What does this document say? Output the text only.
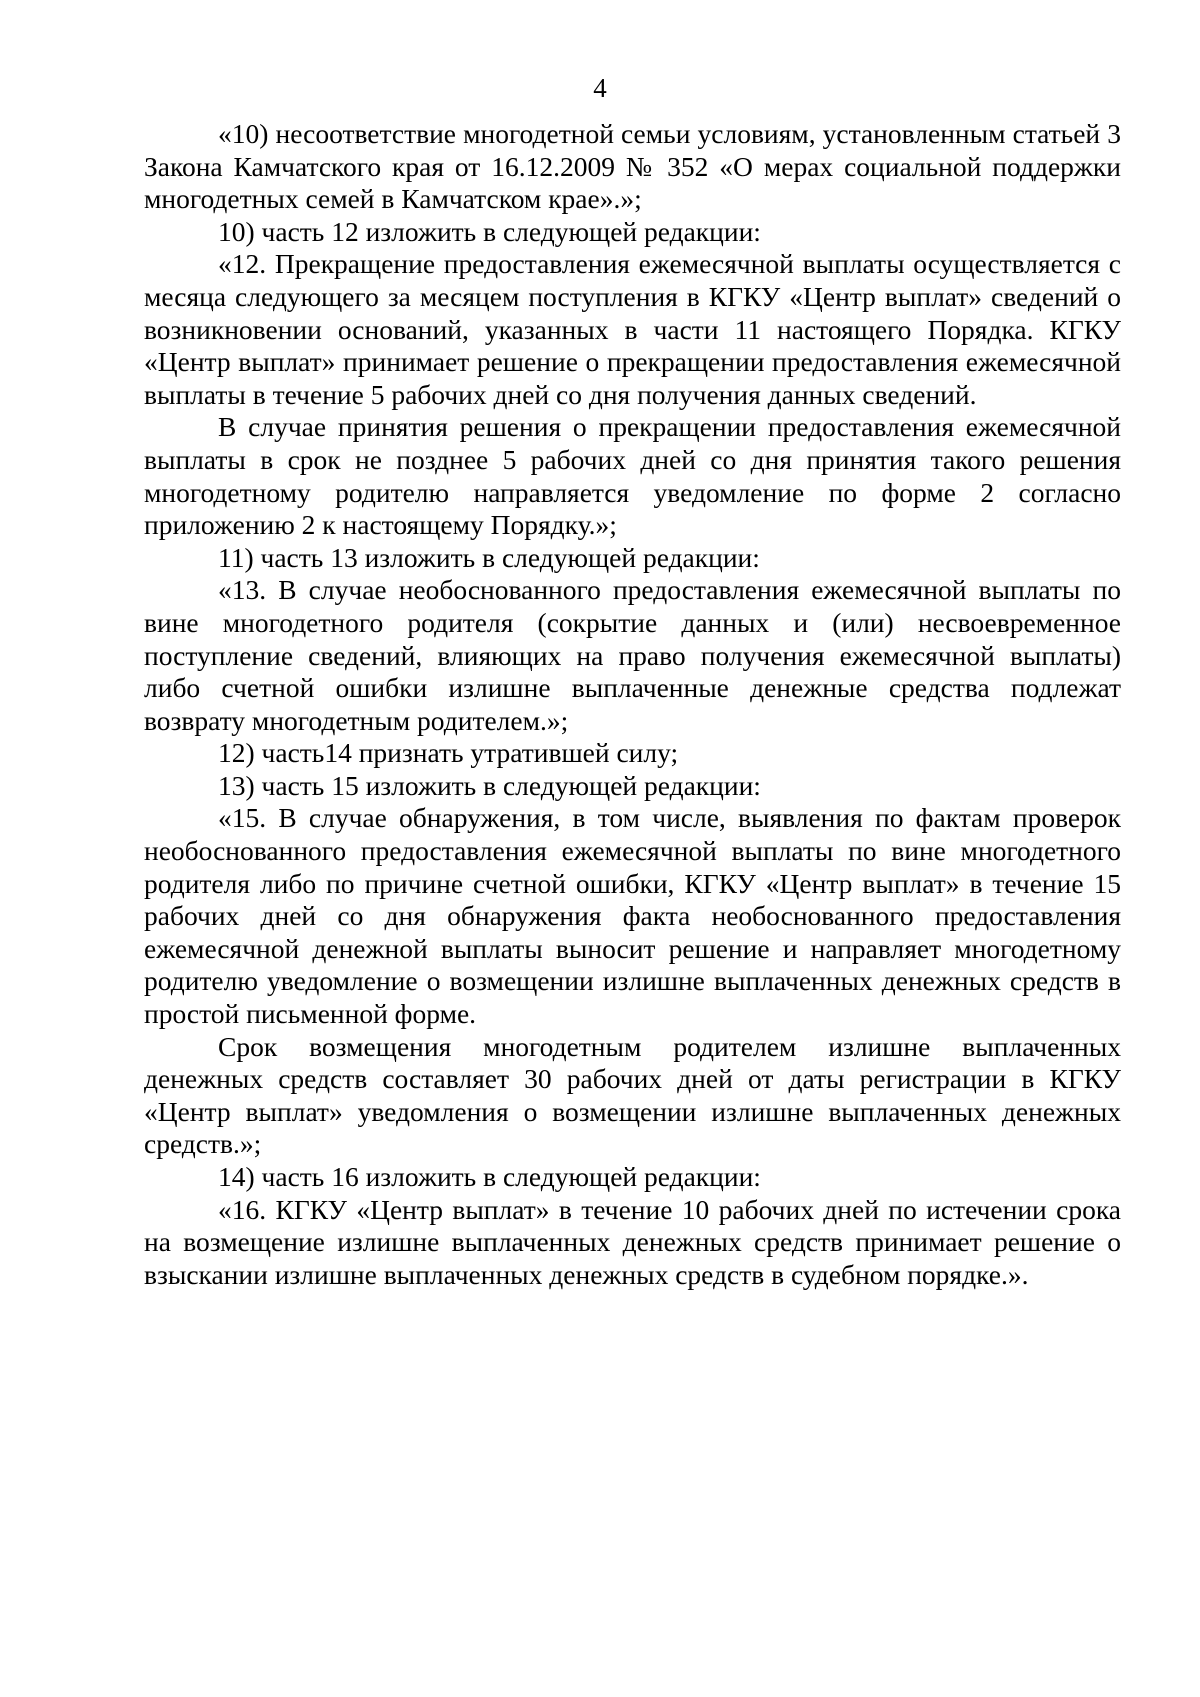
4

«10) несоответствие многодетной семьи условиям, установленным статьей 3 Закона Камчатского края от 16.12.2009 № 352 «О мерах социальной поддержки многодетных семей в Камчатском крае».»;

10) часть 12 изложить в следующей редакции:

«12. Прекращение предоставления ежемесячной выплаты осуществляется с месяца следующего за месяцем поступления в КГКУ «Центр выплат» сведений о возникновении оснований, указанных в части 11 настоящего Порядка. КГКУ «Центр выплат» принимает решение о прекращении предоставления ежемесячной выплаты в течение 5 рабочих дней со дня получения данных сведений.

В случае принятия решения о прекращении предоставления ежемесячной выплаты в срок не позднее 5 рабочих дней со дня принятия такого решения многодетному родителю направляется уведомление по форме 2 согласно приложению 2 к настоящему Порядку.»;

11) часть 13 изложить в следующей редакции:

«13. В случае необоснованного предоставления ежемесячной выплаты по вине многодетного родителя (сокрытие данных и (или) несвоевременное поступление сведений, влияющих на право получения ежемесячной выплаты) либо счетной ошибки излишне выплаченные денежные средства подлежат возврату многодетным родителем.»;

12) часть14 признать утратившей силу;

13) часть 15 изложить в следующей редакции:

«15. В случае обнаружения, в том числе, выявления по фактам проверок необоснованного предоставления ежемесячной выплаты по вине многодетного родителя либо по причине счетной ошибки, КГКУ «Центр выплат» в течение 15 рабочих дней со дня обнаружения факта необоснованного предоставления ежемесячной денежной выплаты выносит решение и направляет многодетному родителю уведомление о возмещении излишне выплаченных денежных средств в простой письменной форме.

Срок возмещения многодетным родителем излишне выплаченных денежных средств составляет 30 рабочих дней от даты регистрации в КГКУ «Центр выплат» уведомления о возмещении излишне выплаченных денежных средств.»;

14) часть 16 изложить в следующей редакции:

«16. КГКУ «Центр выплат» в течение 10 рабочих дней по истечении срока на возмещение излишне выплаченных денежных средств принимает решение о взыскании излишне выплаченных денежных средств в судебном порядке.».
